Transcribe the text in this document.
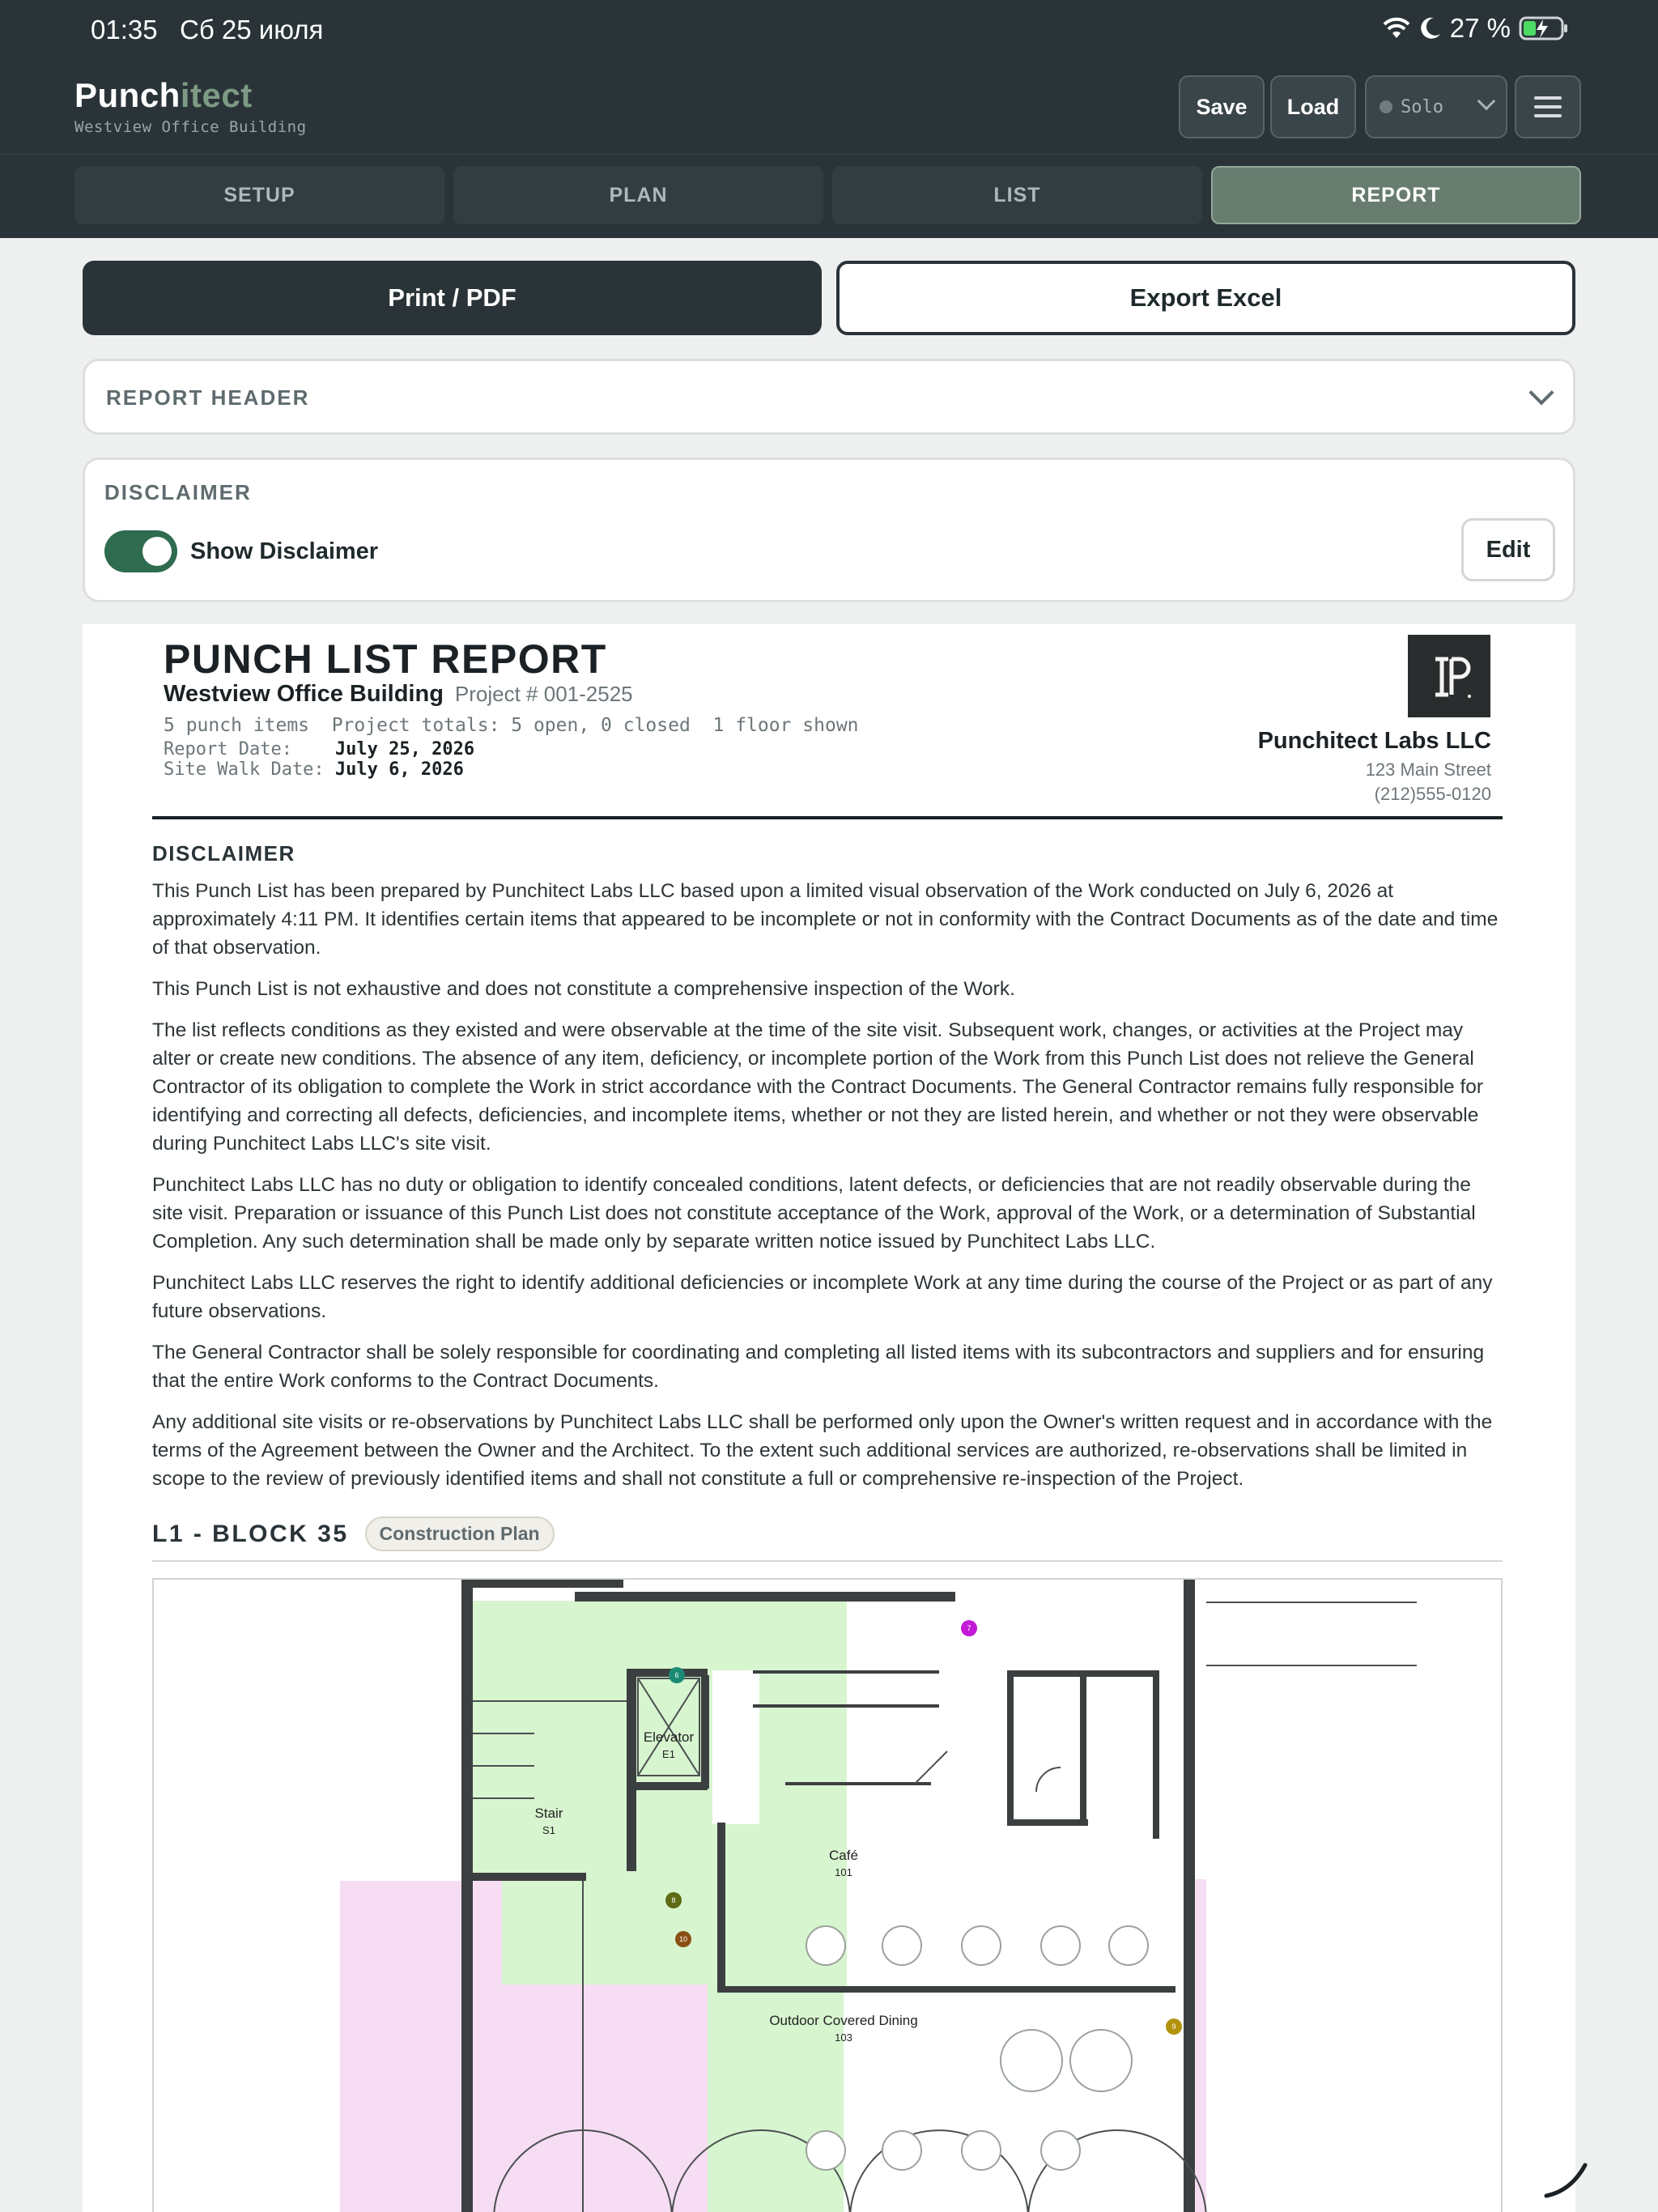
01:35 Сб 25 июля	27 %
Punchitect
Westview Office Building
Save	Load	Solo
SETUP	PLAN	LIST	REPORT
Print / PDF	Export Excel
REPORT HEADER
DISCLAIMER
Show Disclaimer	Edit
PUNCH LIST REPORT
Westview Office Building Project # 001-2525
5 punch items  Project totals: 5 open, 0 closed  1 floor shown
Report Date:    July 25, 2026
Site Walk Date: July 6, 2026
Punchitect Labs LLC
123 Main Street
(212)555-0120
DISCLAIMER

This Punch List has been prepared by Punchitect Labs LLC based upon a limited visual observation of the Work conducted on July 6, 2026 at approximately 4:11 PM. It identifies certain items that appeared to be incomplete or not in conformity with the Contract Documents as of the date and time of that observation.

This Punch List is not exhaustive and does not constitute a comprehensive inspection of the Work.

The list reflects conditions as they existed and were observable at the time of the site visit. Subsequent work, changes, or activities at the Project may alter or create new conditions. The absence of any item, deficiency, or incomplete portion of the Work from this Punch List does not relieve the General Contractor of its obligation to complete the Work in strict accordance with the Contract Documents. The General Contractor remains fully responsible for identifying and correcting all defects, deficiencies, and incomplete items, whether or not they are listed herein, and whether or not they were observable during Punchitect Labs LLC's site visit.

Punchitect Labs LLC has no duty or obligation to identify concealed conditions, latent defects, or deficiencies that are not readily observable during the site visit. Preparation or issuance of this Punch List does not constitute acceptance of the Work, approval of the Work, or a determination of Substantial Completion. Any such determination shall be made only by separate written notice issued by Punchitect Labs LLC.

Punchitect Labs LLC reserves the right to identify additional deficiencies or incomplete Work at any time during the course of the Project or as part of any future observations.

The General Contractor shall be solely responsible for coordinating and completing all listed items with its subcontractors and suppliers and for ensuring that the entire Work conforms to the Contract Documents.

Any additional site visits or re-observations by Punchitect Labs LLC shall be performed only upon the Owner's written request and in accordance with the terms of the Agreement between the Owner and the Architect. To the extent such additional services are authorized, re-observations shall be limited in scope to the review of previously identified items and shall not constitute a full or comprehensive re-inspection of the Project.

L1 - BLOCK 35	Construction Plan
Elevator
E1
Stair
S1
Café
101
Outdoor Covered Dining
103
7
6
8
10
9
